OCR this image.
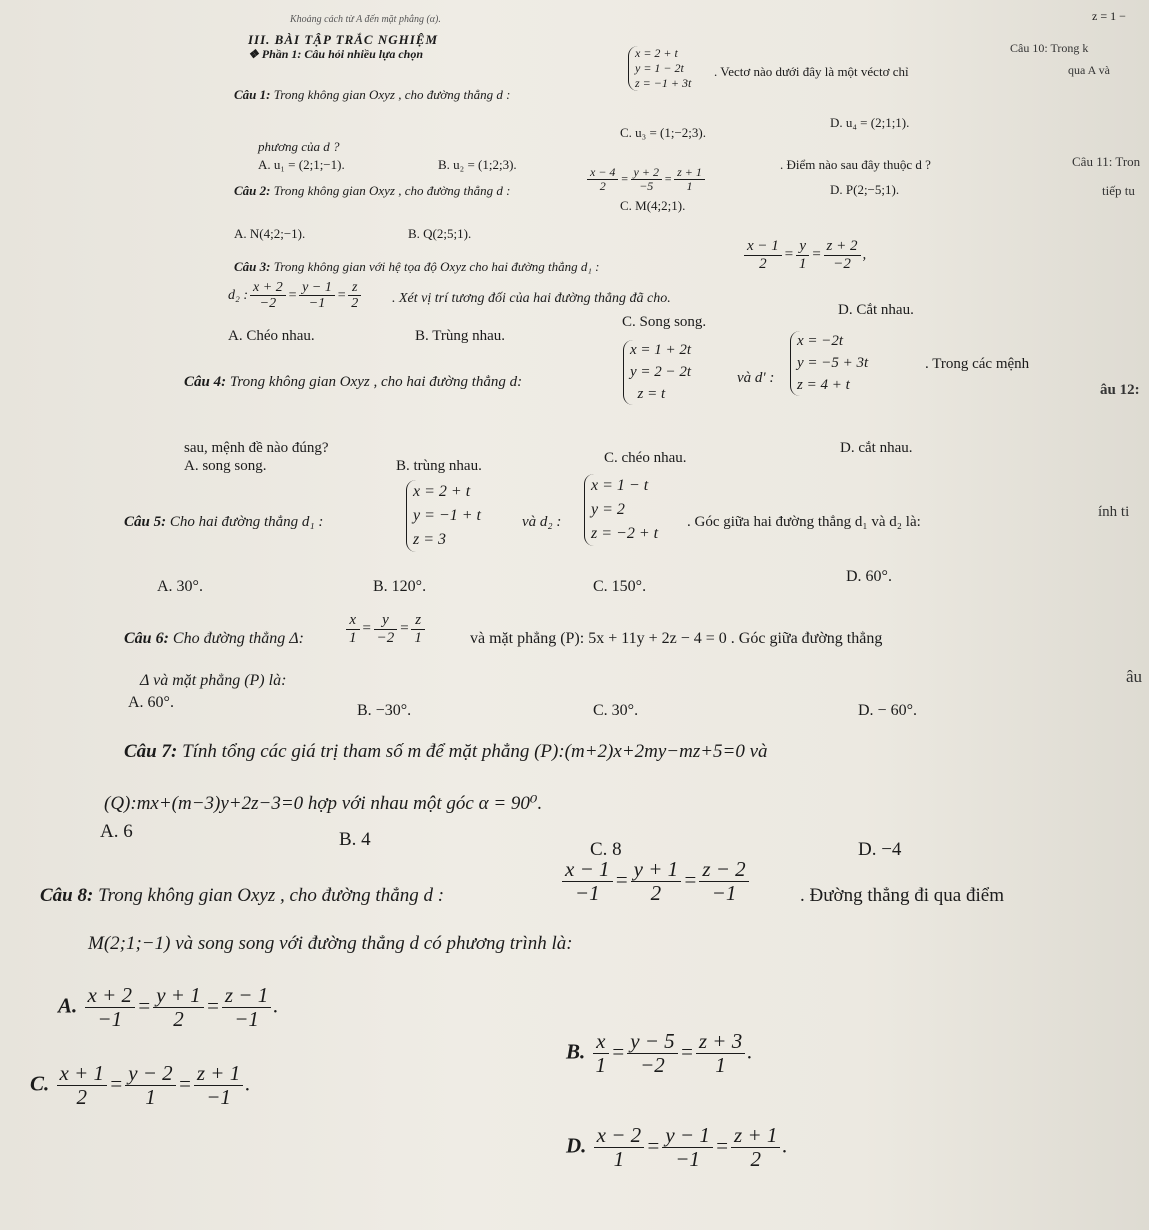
Khoảng cách từ A đến mặt phẳng (α).	z = 1 −
III. BÀI TẬP TRẮC NGHIỆM
❖ Phần 1: Câu hỏi nhiều lựa chọn
Câu 1: Trong không gian Oxyz , cho đường thẳng d :
x = 2 + t
y = 1 − 2t
z = −1 + 3t
. Vectơ nào dưới đây là một véctơ chỉ
phương của d ?
A. u₁ = (2;1;−1).	B. u₂ = (1;2;3).
C. u₃ = (1;−2;3).
D. u₄ = (2;1;1).
Câu 2: Trong không gian Oxyz , cho đường thẳng d :	$\frac{x - 4}{2} = \frac{y + 2}{-5} = \frac{z + 1}{1}$
. Điểm nào sau đây thuộc d ?
A. N(4;2;−1).	B. Q(2;5;1).
C. M(4;2;1).
D. P(2;−5;1).
Câu 3: Trong không gian với hệ tọa độ Oxyz cho hai đường thẳng d₁ :	$\frac{x - 1}{2} = \frac{y}{1} = \frac{z + 2}{-2}$ ,
d₂ : $\frac{x + 2}{-2} = \frac{y - 1}{-1} = \frac{z}{2}$ . Xét vị trí tương đối của hai đường thẳng đã cho.
A. Chéo nhau.	B. Trùng nhau.
C. Song song.
D. Cắt nhau.
Câu 4: Trong không gian Oxyz , cho hai đường thẳng d:
x = 1 + 2t
y = 2 − 2t
z = t
và d' :
x = −2t
y = −5 + 3t
z = 4 + t
. Trong các mệnh
sau, mệnh đề nào đúng?
A. song song.	B. trùng nhau.	C. chéo nhau.
D. cắt nhau.
Câu 5: Cho hai đường thẳng d₁ :
x = 2 + t
y = −1 + t
z = 3
và d₂ :
x = 1 − t
y = 2
z = −2 + t
. Góc giữa hai đường thẳng d₁ và d₂ là:
A. 30°.	B. 120°.	C. 150°.
D. 60°.
Câu 6: Cho đường thẳng Δ:	$\frac{x}{1} = \frac{y}{-2} = \frac{z}{1}$	và mặt phẳng (P): 5x + 11y + 2z − 4 = 0 . Góc giữa đường thẳng
Δ và mặt phẳng (P) là:
A. 60°.	B. −30°.	C. 30°.	D. − 60°.
Câu 7: Tính tổng các giá trị tham số m để mặt phẳng (P):(m+2)x+2my−mz+5=0 và
(Q):mx+(m−3)y+2z−3=0 hợp với nhau một góc α = 90⁰.
A. 6	B. 4	C. 8	D. −4
Câu 8: Trong không gian Oxyz , cho đường thẳng d :	$\frac{x - 1}{-1} = \frac{y + 1}{2} = \frac{z - 2}{-1}$	. Đường thẳng đi qua điểm
M(2;1;−1) và song song với đường thẳng d có phương trình là:
A. $\frac{x + 2}{-1} = \frac{y + 1}{2} = \frac{z - 1}{-1}$ .
B. $\frac{x}{1} = \frac{y - 5}{-2} = \frac{z + 3}{1}$ .
C. $\frac{x + 1}{2} = \frac{y - 2}{1} = \frac{z + 1}{-1}$ .
D. $\frac{x - 2}{1} = \frac{y - 1}{-1} = \frac{z + 1}{2}$ .
Câu 10: Trong k
qua A và
Câu 11: Tron
tiếp tu
âu 12:
ính ti
âu
